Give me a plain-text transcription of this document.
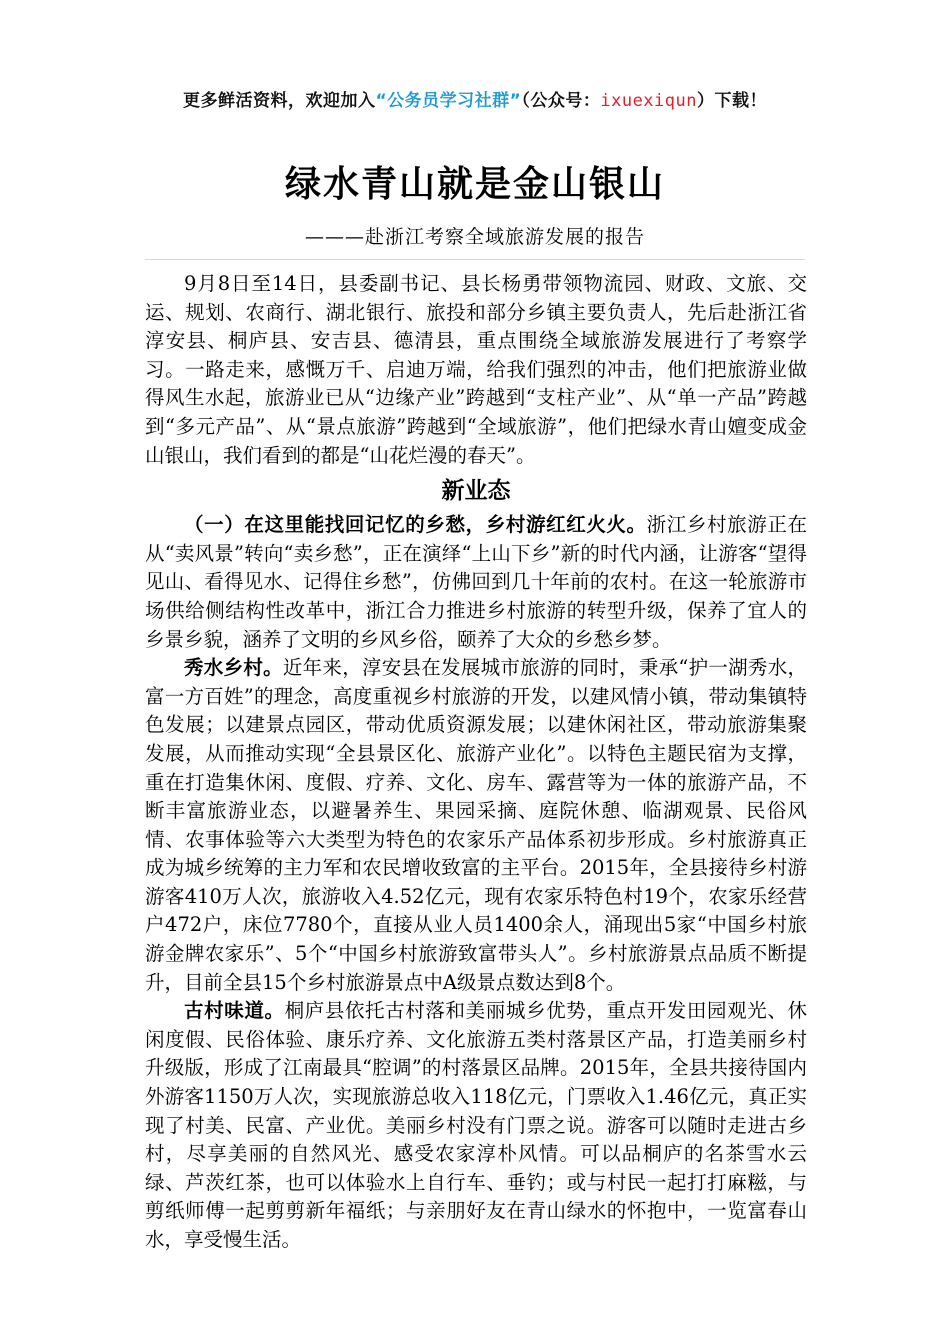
更多鲜活资料，欢迎加入“公务员学习社群”（公众号：ixuexiqun）下载！
绿水青山就是金山银山
———赴浙江考察全域旅游发展的报告

9月8日至14日，县委副书记、县长杨勇带领物流园、财政、文旅、交运、规划、农商行、湖北银行、旅投和部分乡镇主要负责人，先后赴浙江省淳安县、桐庐县、安吉县、德清县，重点围绕全域旅游发展进行了考察学习。一路走来，感慨万千、启迪万端，给我们强烈的冲击，他们把旅游业做得风生水起，旅游业已从“边缘产业”跨越到“支柱产业”、从“单一产品”跨越到“多元产品”、从“景点旅游”跨越到“全域旅游”，他们把绿水青山嬗变成金山银山，我们看到的都是“山花烂漫的春天”。

新业态

（一）在这里能找回记忆的乡愁，乡村游红红火火。浙江乡村旅游正在从“卖风景”转向“卖乡愁”，正在演绎“上山下乡”新的时代内涵，让游客“望得见山、看得见水、记得住乡愁”，仿佛回到几十年前的农村。在这一轮旅游市场供给侧结构性改革中，浙江合力推进乡村旅游的转型升级，保养了宜人的乡景乡貌，涵养了文明的乡风乡俗，颐养了大众的乡愁乡梦。

秀水乡村。近年来，淳安县在发展城市旅游的同时，秉承“护一湖秀水，富一方百姓”的理念，高度重视乡村旅游的开发，以建风情小镇，带动集镇特色发展；以建景点园区，带动优质资源发展；以建休闲社区，带动旅游集聚发展，从而推动实现“全县景区化、旅游产业化”。以特色主题民宿为支撑，重在打造集休闲、度假、疗养、文化、房车、露营等为一体的旅游产品，不断丰富旅游业态，以避暑养生、果园采摘、庭院休憩、临湖观景、民俗风情、农事体验等六大类型为特色的农家乐产品体系初步形成。乡村旅游真正成为城乡统筹的主力军和农民增收致富的主平台。2015年，全县接待乡村游游客410万人次，旅游收入4.52亿元，现有农家乐特色村19个，农家乐经营户472户，床位7780个，直接从业人员1400余人，涌现出5家“中国乡村旅游金牌农家乐”、5个“中国乡村旅游致富带头人”。乡村旅游景点品质不断提升，目前全县15个乡村旅游景点中A级景点数达到8个。

古村味道。桐庐县依托古村落和美丽城乡优势，重点开发田园观光、休闲度假、民俗体验、康乐疗养、文化旅游五类村落景区产品，打造美丽乡村升级版，形成了江南最具“腔调”的村落景区品牌。2015年，全县共接待国内外游客1150万人次，实现旅游总收入118亿元，门票收入1.46亿元，真正实现了村美、民富、产业优。美丽乡村没有门票之说。游客可以随时走进古乡村，尽享美丽的自然风光、感受农家淳朴风情。可以品桐庐的名茶雪水云绿、芦茨红茶，也可以体验水上自行车、垂钓；或与村民一起打打麻糍，与剪纸师傅一起剪剪新年福纸；与亲朋好友在青山绿水的怀抱中，一览富春山水，享受慢生活。
